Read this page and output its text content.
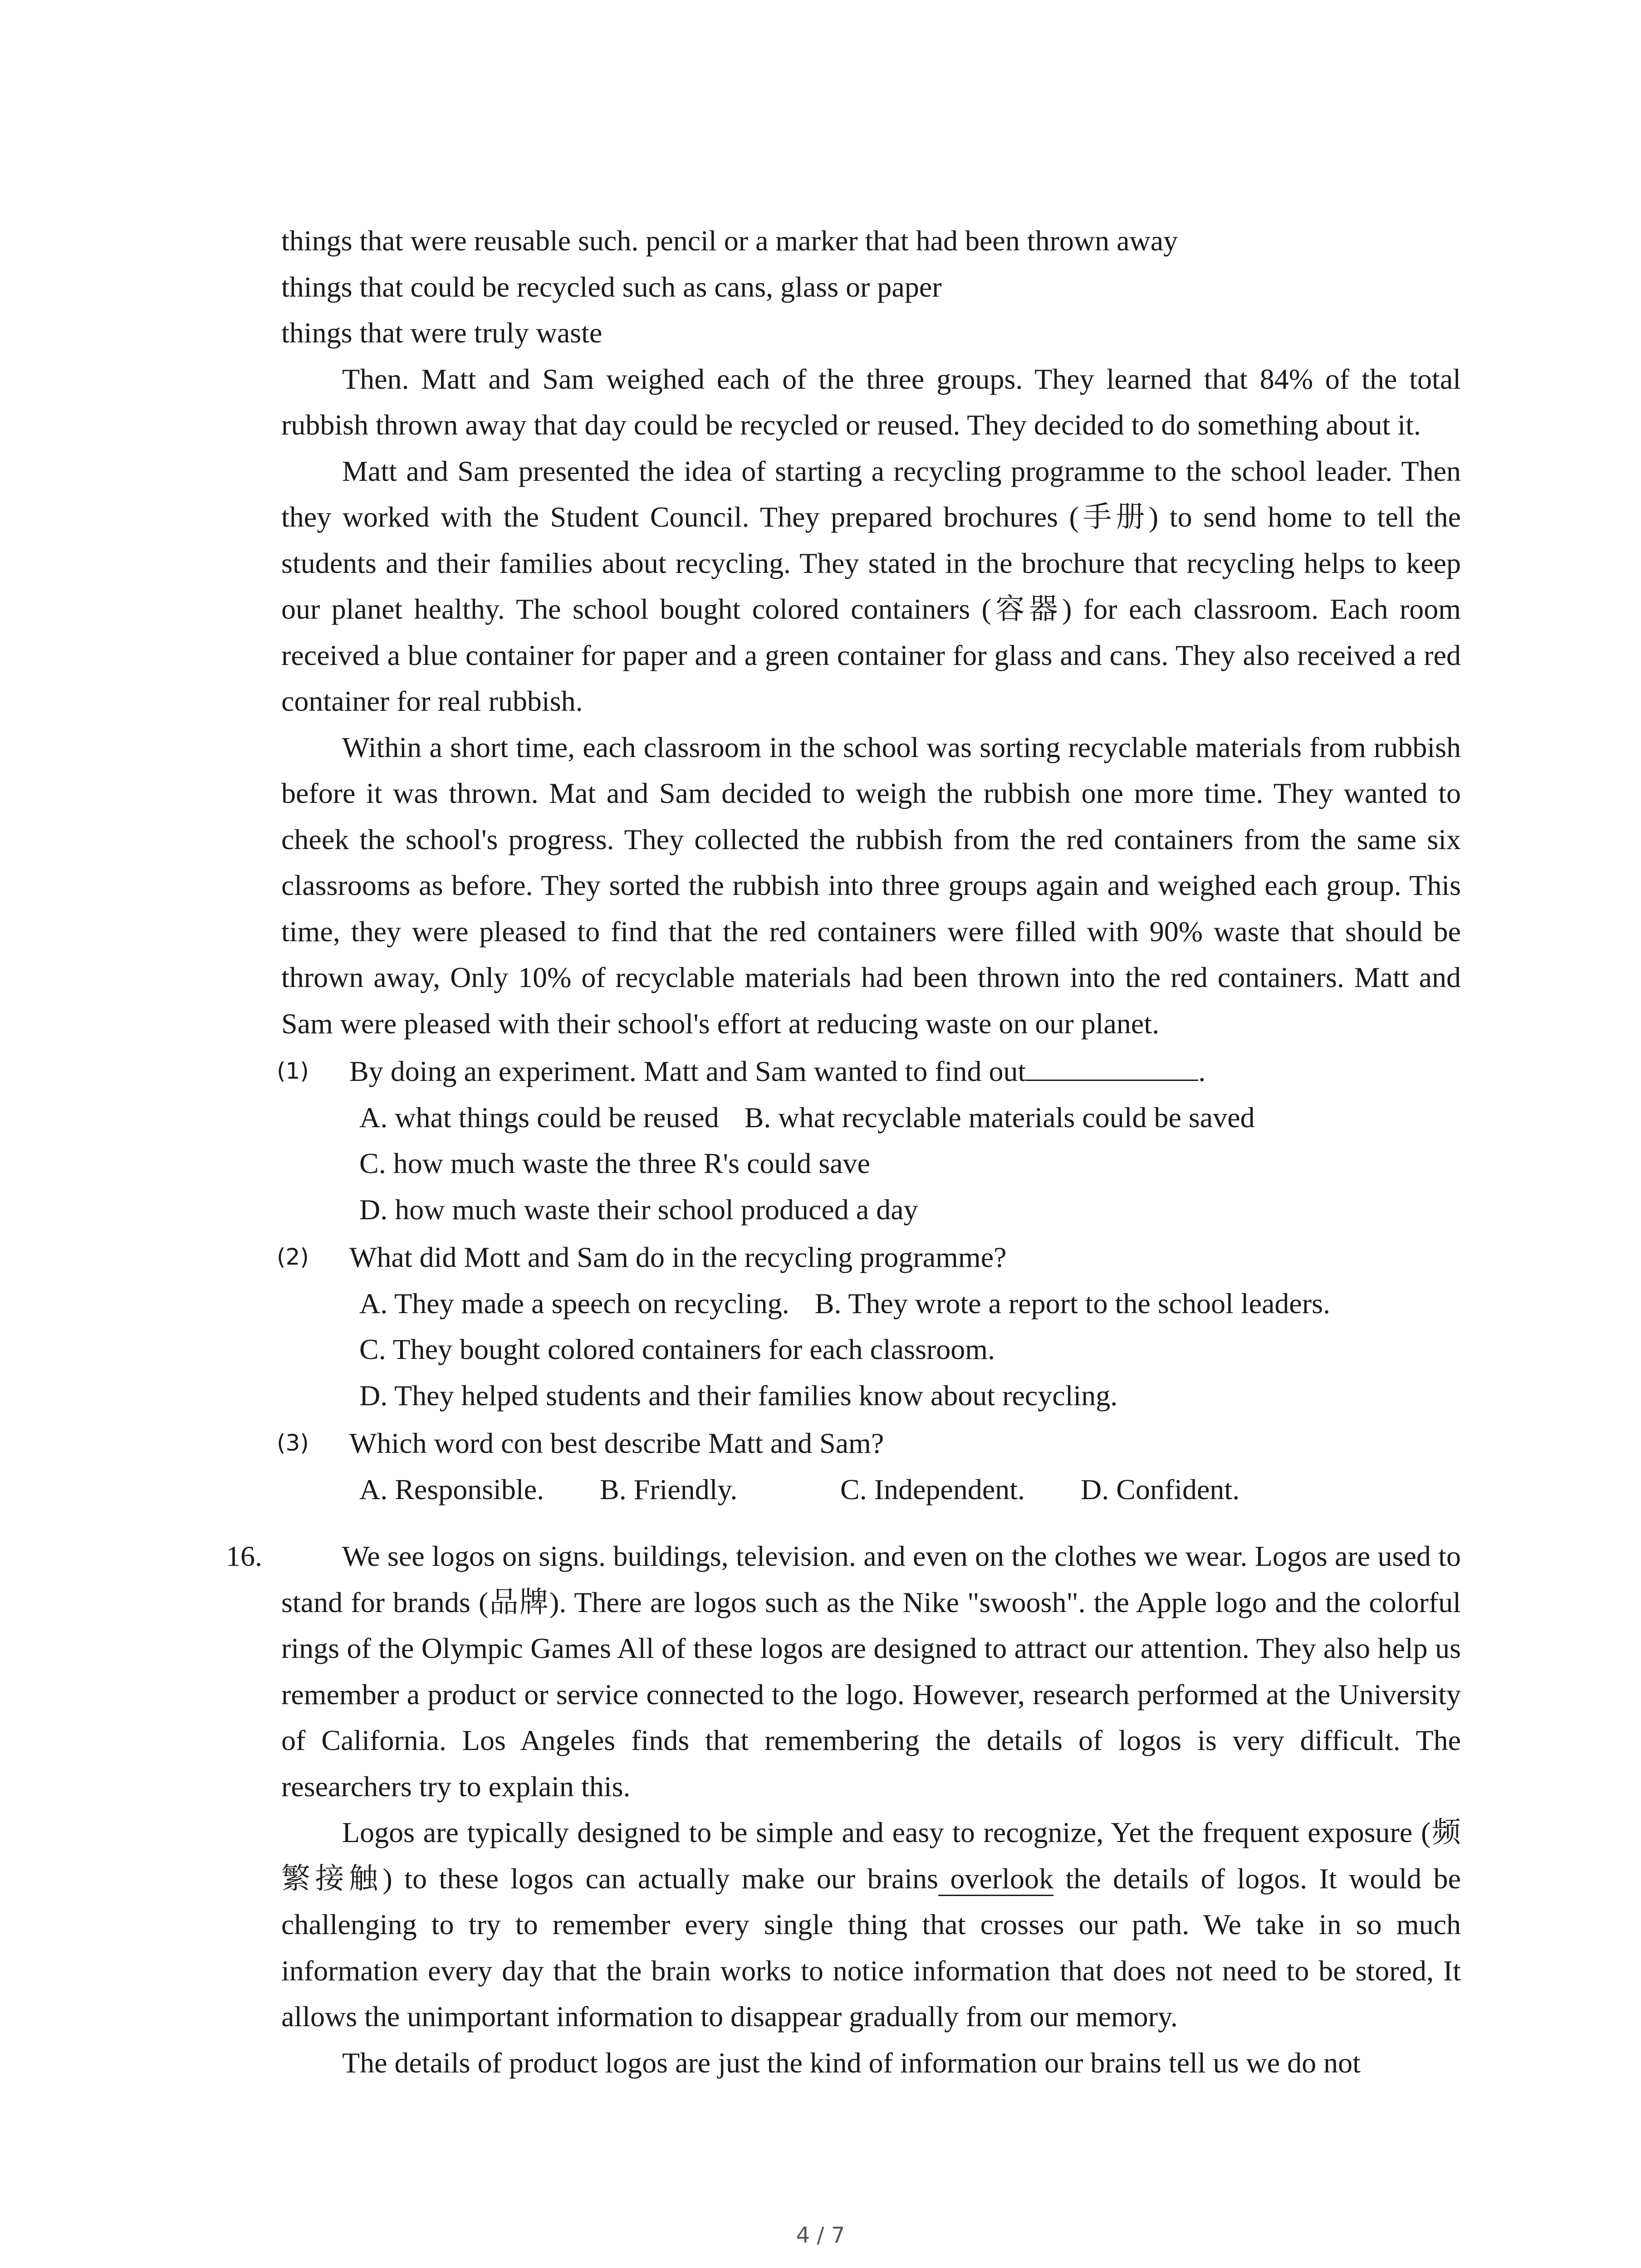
things that were reusable such. pencil or a marker that had been thrown away
things that could be recycled such as cans, glass or paper
things that were truly waste
Then. Matt and Sam weighed each of the three groups. They learned that 84% of the total rubbish thrown away that day could be recycled or reused. They decided to do something about it.
Matt and Sam presented the idea of starting a recycling programme to the school leader. Then they worked with the Student Council. They prepared brochures (手册) to send home to tell the students and their families about recycling. They stated in the brochure that recycling helps to keep our planet healthy. The school bought colored containers (容器) for each classroom. Each room received a blue container for paper and a green container for glass and cans. They also received a red container for real rubbish.
Within a short time, each classroom in the school was sorting recyclable materials from rubbish before it was thrown. Mat and Sam decided to weigh the rubbish one more time. They wanted to cheek the school's progress. They collected the rubbish from the red containers from the same six classrooms as before. They sorted the rubbish into three groups again and weighed each group. This time, they were pleased to find that the red containers were filled with 90% waste that should be thrown away, Only 10% of recyclable materials had been thrown into the red containers. Matt and Sam were pleased with their school's effort at reducing waste on our planet.
(1)	By doing an experiment. Matt and Sam wanted to find out	.
A. what things could be reused B. what recyclable materials could be saved
C. how much waste the three R's could save
D. how much waste their school produced a day
(2)	What did Mott and Sam do in the recycling programme?
A. They made a speech on recycling. B. They wrote a report to the school leaders.
C. They bought colored containers for each classroom.
D. They helped students and their families know about recycling.
(3)	Which word con best describe Matt and Sam?
A. Responsible. B. Friendly.	C. Independent. D. Confident.
16.	We see logos on signs. buildings, television. and even on the clothes we wear. Logos are used to stand for brands (品牌). There are logos such as the Nike "swoosh". the Apple logo and the colorful rings of the Olympic Games All of these logos are designed to attract our attention. They also help us remember a product or service connected to the logo. However, research performed at the University of California. Los Angeles finds that remembering the details of logos is very difficult. The researchers try to explain this.
Logos are typically designed to be simple and easy to recognize, Yet the frequent exposure (频繁接触) to these logos can actually make our brains overlook the details of logos. It would be challenging to try to remember every single thing that crosses our path. We take in so much information every day that the brain works to notice information that does not need to be stored, It allows the unimportant information to disappear gradually from our memory.
The details of product logos are just the kind of information our brains tell us we do not
4 / 7
